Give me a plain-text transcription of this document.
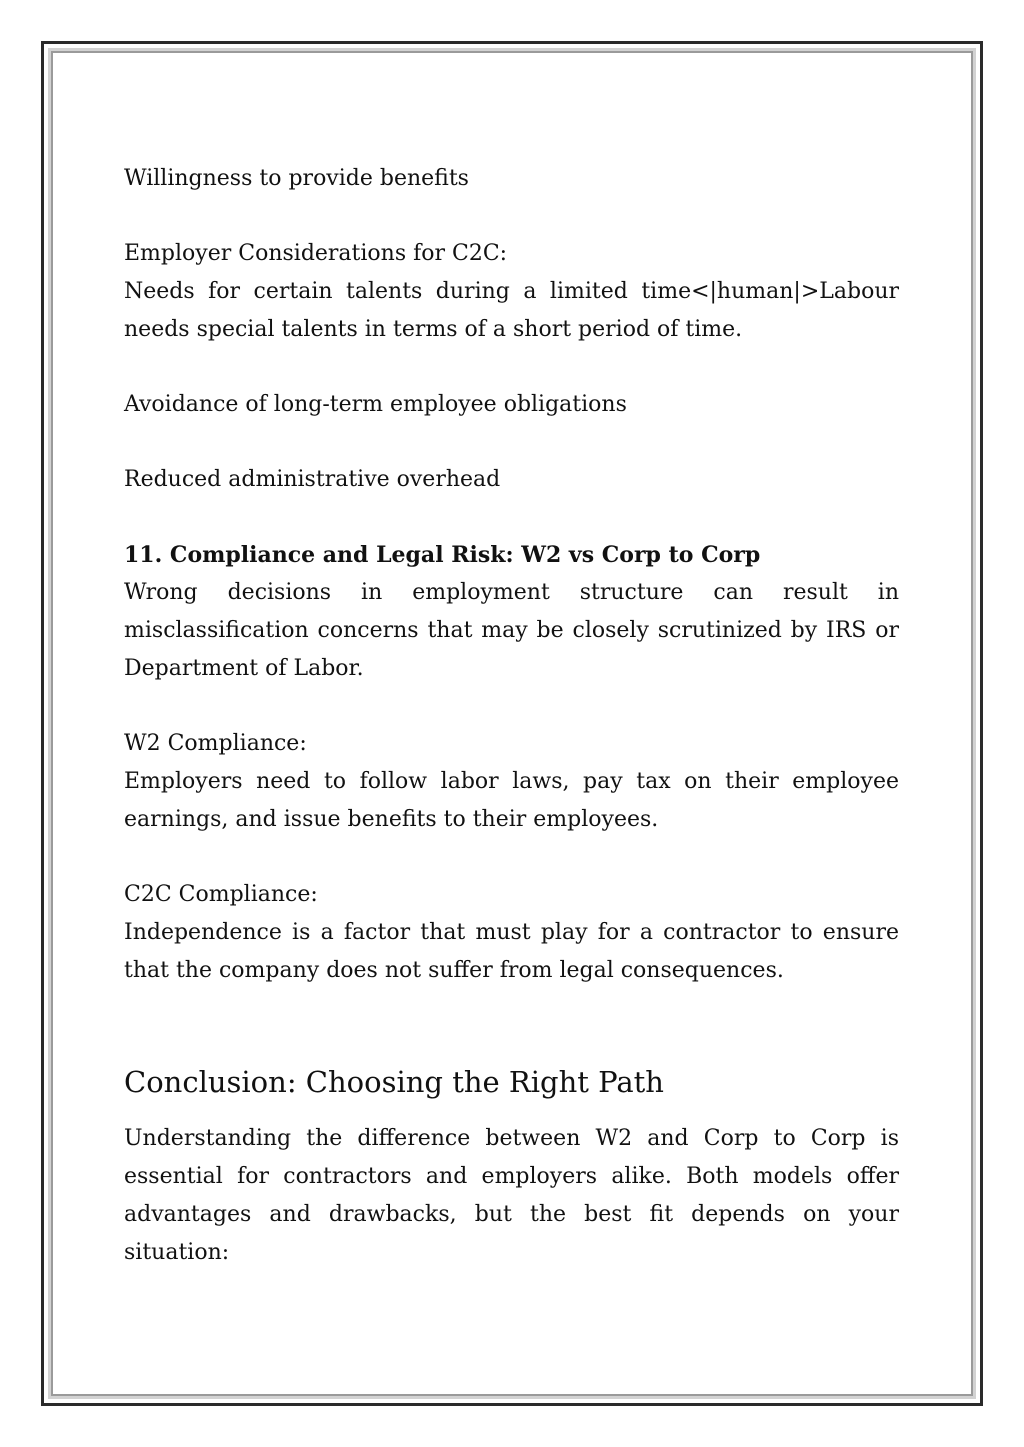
Willingness to provide benefits

Employer Considerations for C2C:

Needs for certain talents during a limited time<|human|>Labour needs special talents in terms of a short period of time.

Avoidance of long-term employee obligations

Reduced administrative overhead

11. Compliance and Legal Risk: W2 vs Corp to Corp

Wrong decisions in employment structure can result in misclassification concerns that may be closely scrutinized by IRS or Department of Labor.

W2 Compliance:

Employers need to follow labor laws, pay tax on their employee earnings, and issue benefits to their employees.

C2C Compliance:

Independence is a factor that must play for a contractor to ensure that the company does not suffer from legal consequences.

Conclusion: Choosing the Right Path

Understanding the difference between W2 and Corp to Corp is essential for contractors and employers alike. Both models offer advantages and drawbacks, but the best fit depends on your situation:
